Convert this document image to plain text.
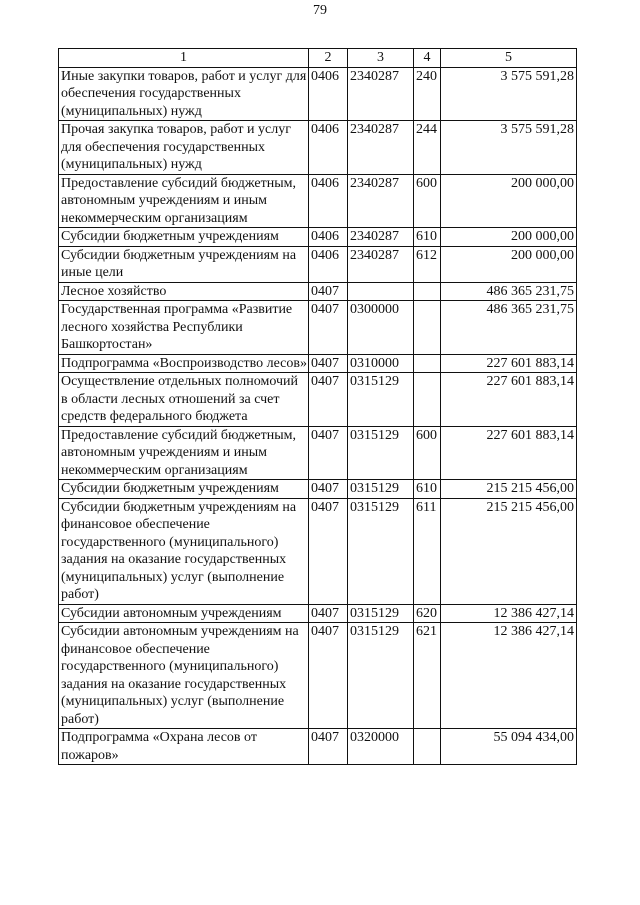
79
1	2	3	4	5
Иные закупки товаров, работ и услуг для обеспечения государственных (муниципальных) нужд	0406	2340287	240	3 575 591,28
Прочая закупка товаров, работ и услуг для обеспечения государственных (муниципальных) нужд	0406	2340287	244	3 575 591,28
Предоставление субсидий бюджетным, автономным учреждениям и иным некоммерческим организациям	0406	2340287	600	200 000,00
Субсидии бюджетным учреждениям	0406	2340287	610	200 000,00
Субсидии бюджетным учреждениям на иные цели	0406	2340287	612	200 000,00
Лесное хозяйство	0407			486 365 231,75
Государственная программа «Развитие лесного хозяйства Республики Башкортостан»	0407	0300000		486 365 231,75
Подпрограмма «Воспроизводство лесов»	0407	0310000		227 601 883,14
Осуществление отдельных полномочий в области лесных отношений за счет средств федерального бюджета	0407	0315129		227 601 883,14
Предоставление субсидий бюджетным, автономным учреждениям и иным некоммерческим организациям	0407	0315129	600	227 601 883,14
Субсидии бюджетным учреждениям	0407	0315129	610	215 215 456,00
Субсидии бюджетным учреждениям на финансовое обеспечение государственного (муниципального) задания на оказание государственных (муниципальных) услуг (выполнение работ)	0407	0315129	611	215 215 456,00
Субсидии автономным учреждениям	0407	0315129	620	12 386 427,14
Субсидии автономным учреждениям на финансовое обеспечение государственного (муниципального) задания на оказание государственных (муниципальных) услуг (выполнение работ)	0407	0315129	621	12 386 427,14
Подпрограмма «Охрана лесов от пожаров»	0407	0320000		55 094 434,00
